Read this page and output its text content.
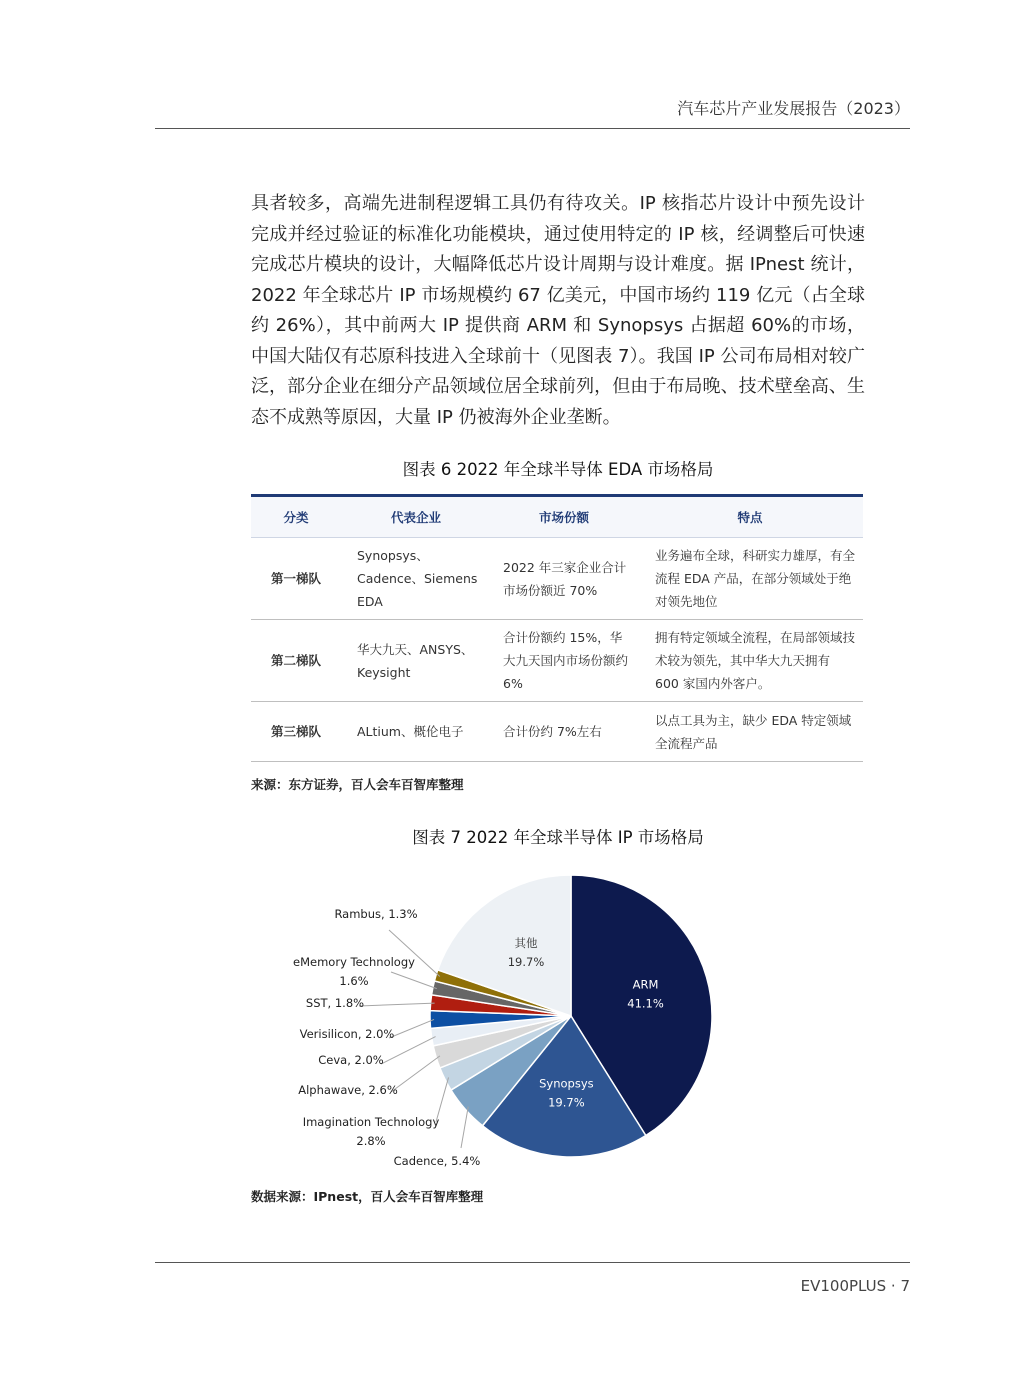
汽车芯片产业发展报告（2023）
具者较多，高端先进制程逻辑工具仍有待攻关。IP 核指芯片设计中预先设计完成并经过验证的标准化功能模块，通过使用特定的 IP 核，经调整后可快速完成芯片模块的设计，大幅降低芯片设计周期与设计难度。据 IPnest 统计，2022 年全球芯片 IP 市场规模约 67 亿美元，中国市场约 119 亿元（占全球约 26%），其中前两大 IP 提供商 ARM 和 Synopsys 占据超 60%的市场，中国大陆仅有芯原科技进入全球前十（见图表 7）。我国 IP 公司布局相对较广泛，部分企业在细分产品领域位居全球前列，但由于布局晚、技术壁垒高、生态不成熟等原因，大量 IP 仍被海外企业垄断。
图表 6 2022 年全球半导体 EDA 市场格局
分类	代表企业	市场份额	特点
第一梯队	Synopsys、Cadence、Siemens EDA	2022 年三家企业合计市场份额近 70%	业务遍布全球，科研实力雄厚，有全流程 EDA 产品，在部分领域处于绝对领先地位
第二梯队	华大九天、ANSYS、Keysight	合计份额约 15%，华大九天国内市场份额约 6%	拥有特定领域全流程，在局部领域技术较为领先，其中华大九天拥有 600 家国内外客户。
第三梯队	ALtium、概伦电子	合计份约 7%左右	以点工具为主，缺少 EDA 特定领域全流程产品
来源：东方证券，百人会车百智库整理
图表 7 2022 年全球半导体 IP 市场格局
ARM
41.1%
Synopsys
19.7%
Cadence, 5.4%
Imagination Technology
2.8%
Alphawave, 2.6%
Ceva, 2.0%
Verisilicon, 2.0%
SST, 1.8%
eMemory Technology
1.6%
Rambus, 1.3%
其他
19.7%
数据来源：IPnest，百人会车百智库整理
EV100PLUS · 7
